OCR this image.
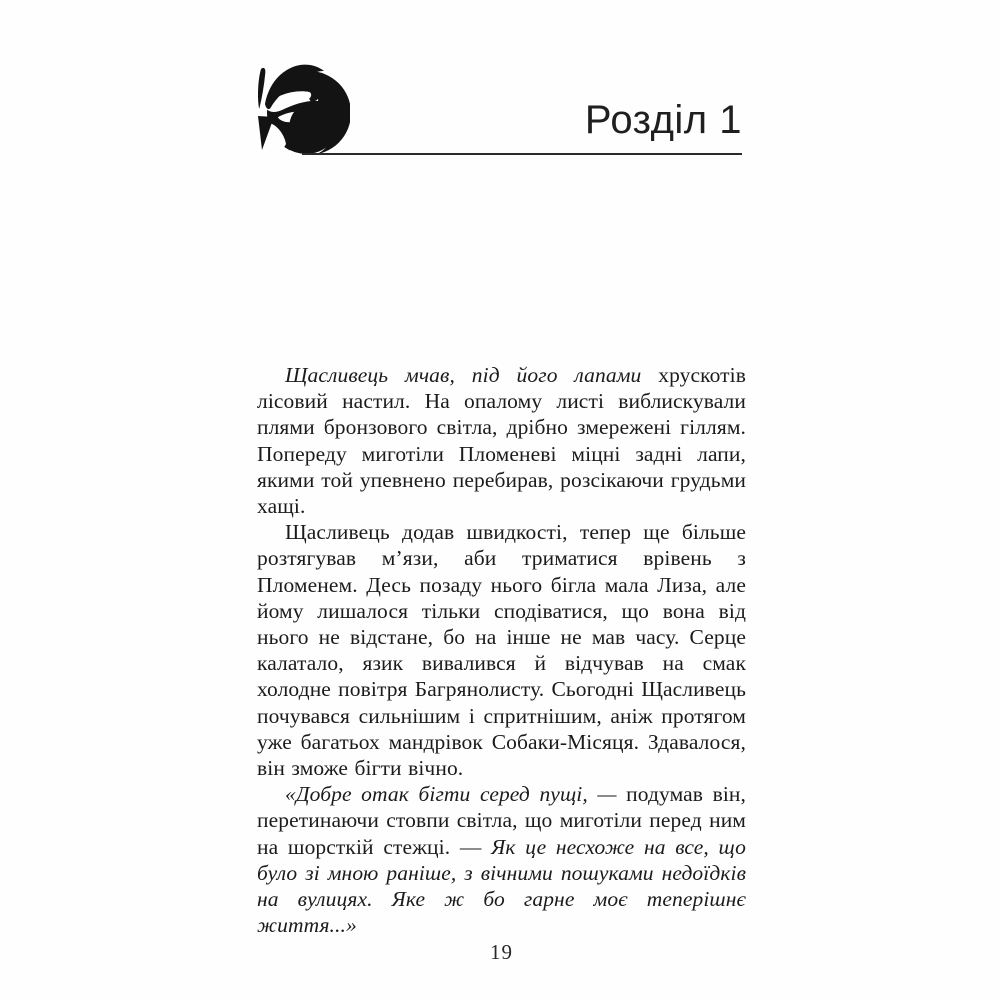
Розділ 1

Щасливець мчав, під його лапами хрускотів лісовий настил. На опалому листі виблискували плями бронзового світла, дрібно змережені гіллям. Попереду миготіли Пломеневі міцні задні лапи, якими той упевнено перебирав, розсікаючи грудьми хащі.

Щасливець додав швидкості, тепер ще більше розтягував м’язи, аби триматися врівень з Пломенем. Десь позаду нього бігла мала Лиза, але йому лишалося тільки сподіватися, що вона від нього не відстане, бо на інше не мав часу. Серце калатало, язик вивалився й відчував на смак холодне повітря Багрянолисту. Сьогодні Щасливець почувався сильнішим і спритнішим, аніж протягом уже багатьох мандрівок Собаки-Місяця. Здавалося, він зможе бігти вічно.

«Добре отак бігти серед пущі, — подумав він, перетинаючи стовпи світла, що миготіли перед ним на шорсткій стежці. — Як це несхоже на все, що було зі мною раніше, з вічними пошуками недоїдків на вулицях. Яке ж бо гарне моє теперішнє життя...»

19
